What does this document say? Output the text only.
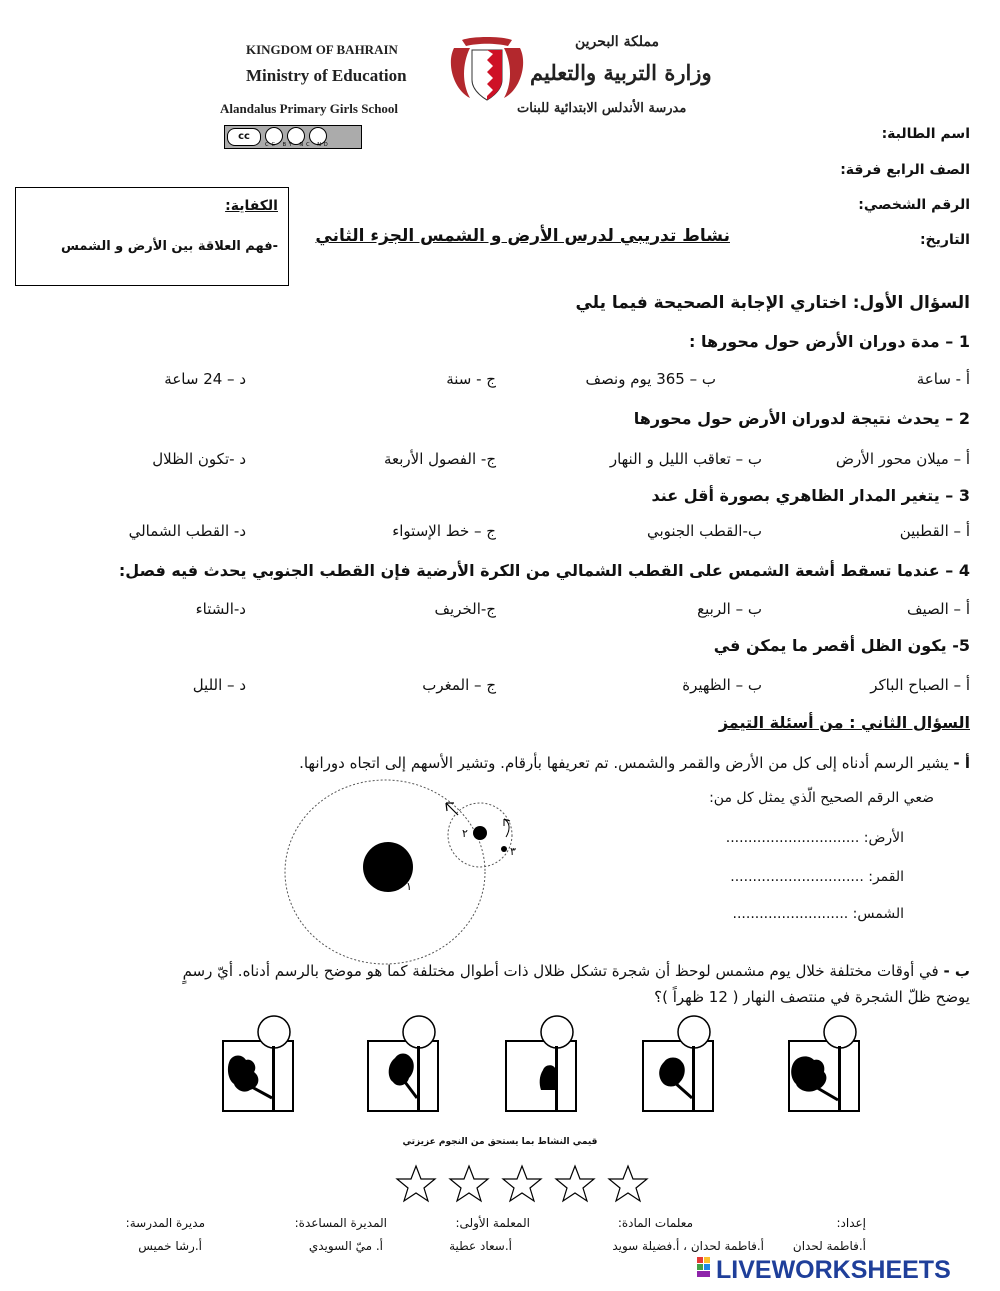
KINGDOM OF BAHRAIN
Ministry of Education
Alandalus Primary Girls School
مملكة البحرين
وزارة التربية والتعليم
مدرسة الأندلس الابتدائية للبنات
cc
CC BY NC ND
اسم الطالبة:
الصف الرابع فرقة:
الرقم الشخصي:
التاريخ:
الكفاية:
-فهم العلاقة بين الأرض و الشمس
نشاط تدريبي لدرس الأرض و الشمس الجزء الثاني
السؤال الأول: اختاري الإجابة الصحيحة فيما يلي
1 – مدة دوران الأرض حول محورها :
أ - ساعة
ب – 365 يوم ونصف
ج - سنة
د – 24 ساعة
2 – يحدث نتيجة لدوران الأرض حول محورها
أ – ميلان محور الأرض
ب – تعاقب الليل و النهار
ج- الفصول الأربعة
د -تكون الظلال
3 – يتغير المدار الظاهري بصورة أقل عند
أ – القطبين
ب-القطب الجنوبي
ج – خط الإستواء
د- القطب الشمالي
4 – عندما تسقط أشعة الشمس على القطب الشمالي من الكرة الأرضية فإن القطب الجنوبي يحدث فيه فصل:
أ – الصيف
ب – الربيع
ج-الخريف
د-الشتاء
5- يكون الظل أقصر ما يمكن في
أ – الصباح الباكر
ب – الظهيرة
ج – المغرب
د – الليل
السؤال الثاني : من أسئلة التيمز
أ - يشير الرسم أدناه إلى كل من الأرض والقمر والشمس. تم تعريفها بأرقام. وتشير الأسهم إلى اتجاه دورانها.
ضعي الرقم الصحيح الّذي يمثل كل من:
الأرض: ..............................
القمر: ..............................
الشمس: ..........................
١
٢
٣
ب - في أوقات مختلفة خلال يوم مشمس لوحظ أن شجرة تشكل ظلال ذات أطوال مختلفة كما هو موضح بالرسم أدناه. أيّ رسمٍ
يوضح ظلّ الشجرة في منتصف النهار ( 12 ظهراً )؟
قيمي النشاط بما يستحق من النجوم عزيزتي
إعداد:
أ.فاطمة لحدان
معلمات المادة:
أ.فاطمة لحدان ، أ.فضيلة سويد
المعلمة الأولى:
أ.سعاد عطية
المديرة المساعدة:
أ. ميّ السويدي
مديرة المدرسة:
أ.رشا خميس
LIVEWORKSHEETS
